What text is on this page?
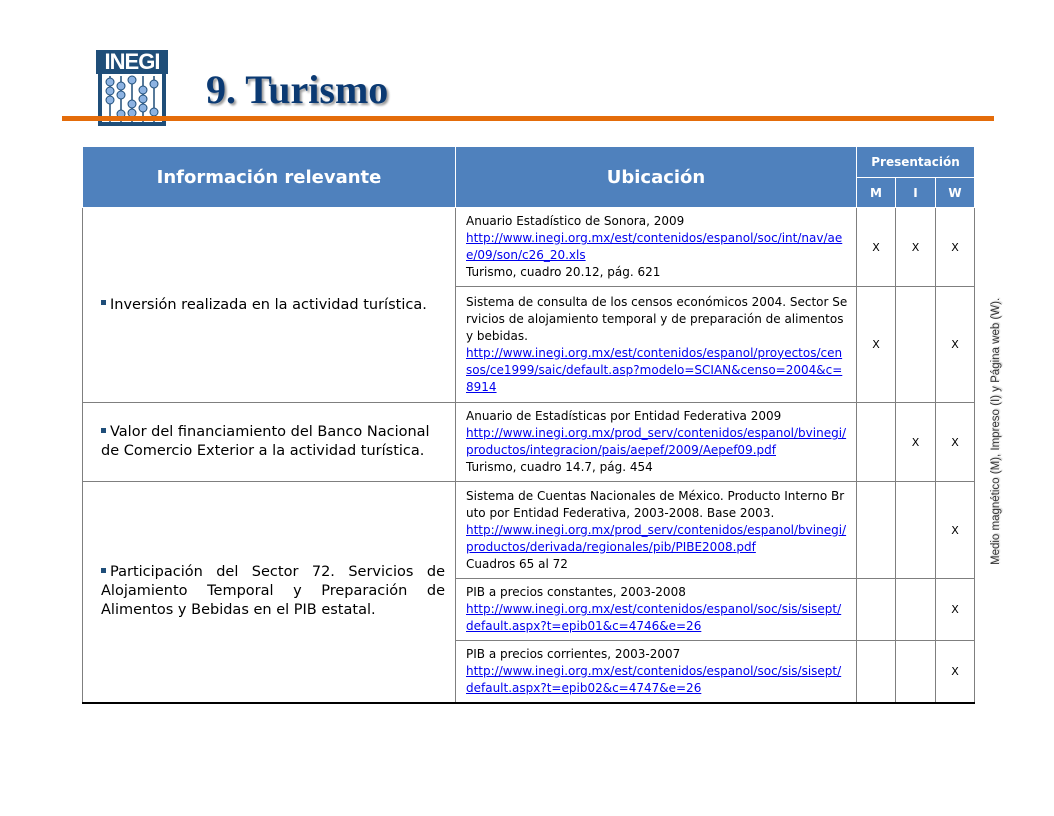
INEGI
9. Turismo
Información relevante	Ubicación	Presentación		
		M	I	W
Inversión realizada en la actividad turística.	Anuario Estadístico de Sonora, 2009
http://www.inegi.org.mx/est/contenidos/espanol/soc/int/nav/aee/09/son/c26_20.xls
Turismo, cuadro 20.12, pág. 621	X	X	X

	Sistema de consulta de los censos económicos 2004. Sector Servicios de alojamiento temporal y de preparación de alimentos y bebidas.
http://www.inegi.org.mx/est/contenidos/espanol/proyectos/censos/ce1999/saic/default.asp?modelo=SCIAN&censo=2004&c=8914	X		X
Valor del financiamiento del Banco Nacional de Comercio Exterior a la actividad turística.	Anuario de Estadísticas por Entidad Federativa 2009
http://www.inegi.org.mx/prod_serv/contenidos/espanol/bvinegi/productos/integracion/pais/aepef/2009/Aepef09.pdf
Turismo, cuadro 14.7, pág. 454		X	X
Participación del Sector 72. Servicios de Alojamiento Temporal y Preparación de Alimentos y Bebidas en el PIB estatal.	Sistema de Cuentas Nacionales de México. Producto Interno Bruto por Entidad Federativa, 2003-2008. Base 2003.
http://www.inegi.org.mx/prod_serv/contenidos/espanol/bvinegi/productos/derivada/regionales/pib/PIBE2008.pdf
Cuadros 65 al 72			X

	PIB a precios constantes, 2003-2008
http://www.inegi.org.mx/est/contenidos/espanol/soc/sis/sisept/default.aspx?t=epib01&c=4746&e=26			X

	PIB a precios corrientes, 2003-2007
http://www.inegi.org.mx/est/contenidos/espanol/soc/sis/sisept/default.aspx?t=epib02&c=4747&e=26			X
Medio magnético (M), Impreso (I) y Página web (W).
